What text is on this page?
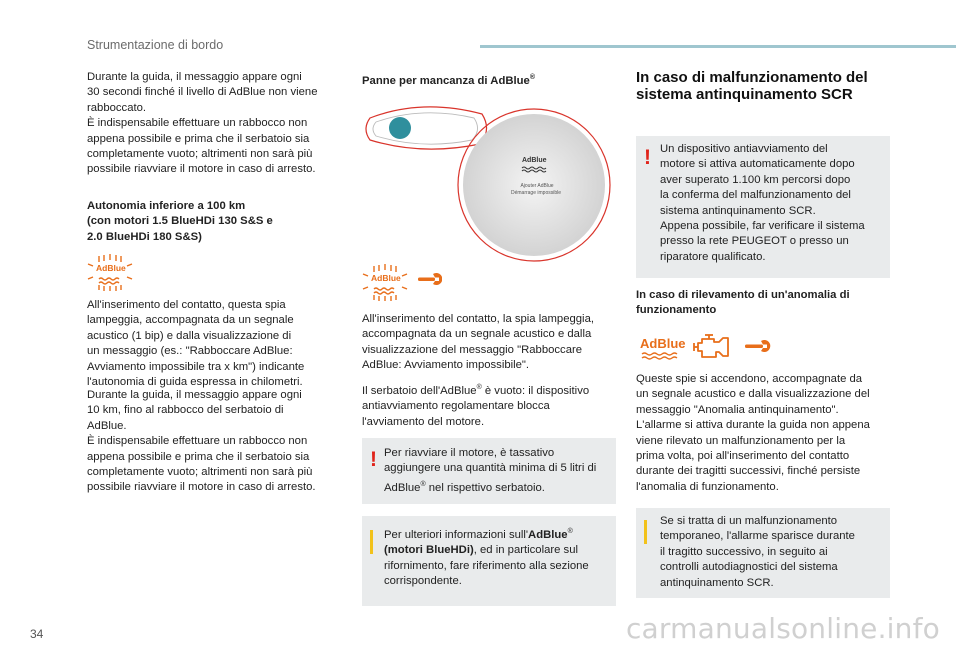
Strumentazione di bordo

Durante la guida, il messaggio appare ogni
30 secondi finché il livello di AdBlue non viene
rabboccato.
È indispensabile effettuare un rabbocco non
appena possibile e prima che il serbatoio sia
completamente vuoto; altrimenti non sarà più
possibile riavviare il motore in caso di arresto.

Autonomia inferiore a 100 km
(con motori 1.5 BlueHDi 130 S&S e
2.0 BlueHDi 180 S&S)
AdBlue

All'inserimento del contatto, questa spia
lampeggia, accompagnata da un segnale
acustico (1 bip) e dalla visualizzazione di
un messaggio (es.: "Rabboccare AdBlue:
Avviamento impossibile tra x km") indicante
l'autonomia di guida espressa in chilometri.

Durante la guida, il messaggio appare ogni
10 km, fino al rabbocco del serbatoio di
AdBlue.
È indispensabile effettuare un rabbocco non
appena possibile e prima che il serbatoio sia
completamente vuoto; altrimenti non sarà più
possibile riavviare il motore in caso di arresto.

Panne per mancanza di AdBlue®
AdBlue
Ajouter AdBlue
Démarrage impossible
AdBlue

All'inserimento del contatto, la spia lampeggia,
accompagnata da un segnale acustico e dalla
visualizzazione del messaggio "Rabboccare
AdBlue: Avviamento impossibile".

Il serbatoio dell'AdBlue® è vuoto: il dispositivo
antiavviamento regolamentare blocca
l'avviamento del motore.

! Per riavviare il motore, è tassativo
aggiungere una quantità minima di 5 litri di
AdBlue® nel rispettivo serbatoio.

Per ulteriori informazioni sull'AdBlue®
(motori BlueHDi), ed in particolare sul
rifornimento, fare riferimento alla sezione
corrispondente.

In caso di malfunzionamento del
sistema antinquinamento SCR
! Un dispositivo antiavviamento del
motore si attiva automaticamente dopo
aver superato 1.100 km percorsi dopo
la conferma del malfunzionamento del
sistema antinquinamento SCR.
Appena possibile, far verificare il sistema
presso la rete PEUGEOT o presso un
riparatore qualificato.

In caso di rilevamento di un'anomalia di
funzionamento
AdBlue

Queste spie si accendono, accompagnate da
un segnale acustico e dalla visualizzazione del
messaggio "Anomalia antinquinamento".
L'allarme si attiva durante la guida non appena
viene rilevato un malfunzionamento per la
prima volta, poi all'inserimento del contatto
durante dei tragitti successivi, finché persiste
l'anomalia di funzionamento.

Se si tratta di un malfunzionamento
temporaneo, l'allarme sparisce durante
il tragitto successivo, in seguito ai
controlli autodiagnostici del sistema
antinquinamento SCR.

34	carmanualsonline.info
